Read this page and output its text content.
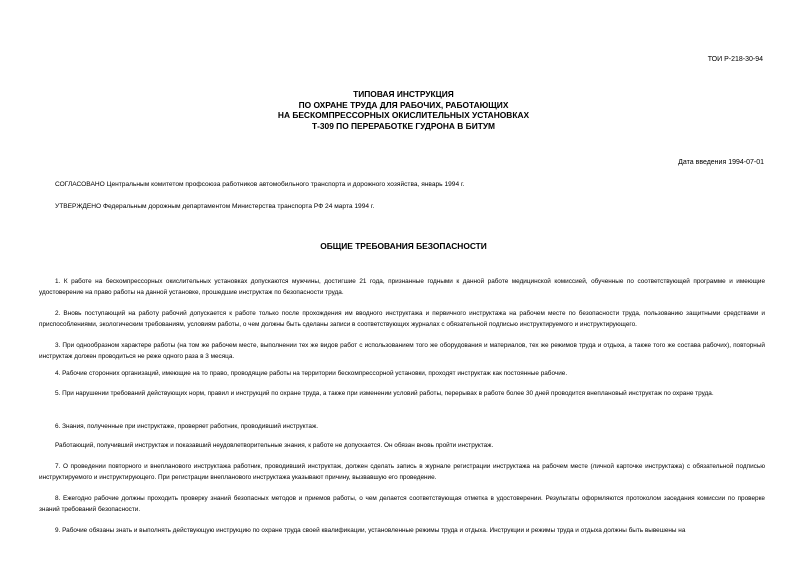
ТОИ Р-218-30-94
ТИПОВАЯ ИНСТРУКЦИЯ
ПО ОХРАНЕ ТРУДА ДЛЯ РАБОЧИХ, РАБОТАЮЩИХ
НА БЕСКОМПРЕССОРНЫХ ОКИСЛИТЕЛЬНЫХ УСТАНОВКАХ
Т-309 ПО ПЕРЕРАБОТКЕ ГУДРОНА В БИТУМ
Дата введения 1994-07-01
СОГЛАСОВАНО Центральным комитетом профсоюза работников автомобильного транспорта и дорожного хозяйства, январь 1994 г.
УТВЕРЖДЕНО Федеральным дорожным департаментом Министерства транспорта РФ 24 марта 1994 г.
ОБЩИЕ ТРЕБОВАНИЯ БЕЗОПАСНОСТИ

1. К работе на бескомпрессорных окислительных установках допускаются мужчины, достигшие 21 года, признанные годными к данной работе медицинской комиссией, обученные по соответствующей программе и имеющие удостоверение на право работы на данной установке, прошедшие инструктаж по безопасности труда.

2. Вновь поступающий на работу рабочий допускается к работе только после прохождения им вводного инструктажа и первичного инструктажа на рабочем месте по безопасности труда, пользованию защитными средствами и приспособлениями, экологическим требованиям, условиям работы, о чем должны быть сделаны записи в соответствующих журналах с обязательной подписью инструктируемого и инструктирующего.

3. При однообразном характере работы (на том же рабочем месте, выполнении тех же видов работ с использованием того же оборудования и материалов, тех же режимов труда и отдыха, а также того же состава рабочих), повторный инструктаж должен проводиться не реже одного раза в 3 месяца.

4. Рабочие сторонних организаций, имеющие на то право, проводящие работы на территории бескомпрессорной установки, проходят инструктаж как постоянные рабочие.

5. При нарушении требований действующих норм, правил и инструкций по охране труда, а также при изменении условий работы, перерывах в работе более 30 дней проводится внеплановый инструктаж по охране труда.

6. Знания, полученные при инструктаже, проверяет работник, проводивший инструктаж.

Работающий, получивший инструктаж и показавший неудовлетворительные знания, к работе не допускается. Он обязан вновь пройти инструктаж.

7. О проведении повторного и внепланового инструктажа работник, проводивший инструктаж, должен сделать запись в журнале регистрации инструктажа на рабочем месте (личной карточке инструктажа) с обязательной подписью инструктируемого и инструктирующего. При регистрации внепланового инструктажа указывают причину, вызвавшую его проведение.

8. Ежегодно рабочие должны проходить проверку знаний безопасных методов и приемов работы, о чем делается соответствующая отметка в удостоверении. Результаты оформляются протоколом заседания комиссии по проверке знаний требований безопасности.

9. Рабочие обязаны знать и выполнять действующую инструкцию по охране труда своей квалификации, установленные режимы труда и отдыха. Инструкции и режимы труда и отдыха должны быть вывешены на
